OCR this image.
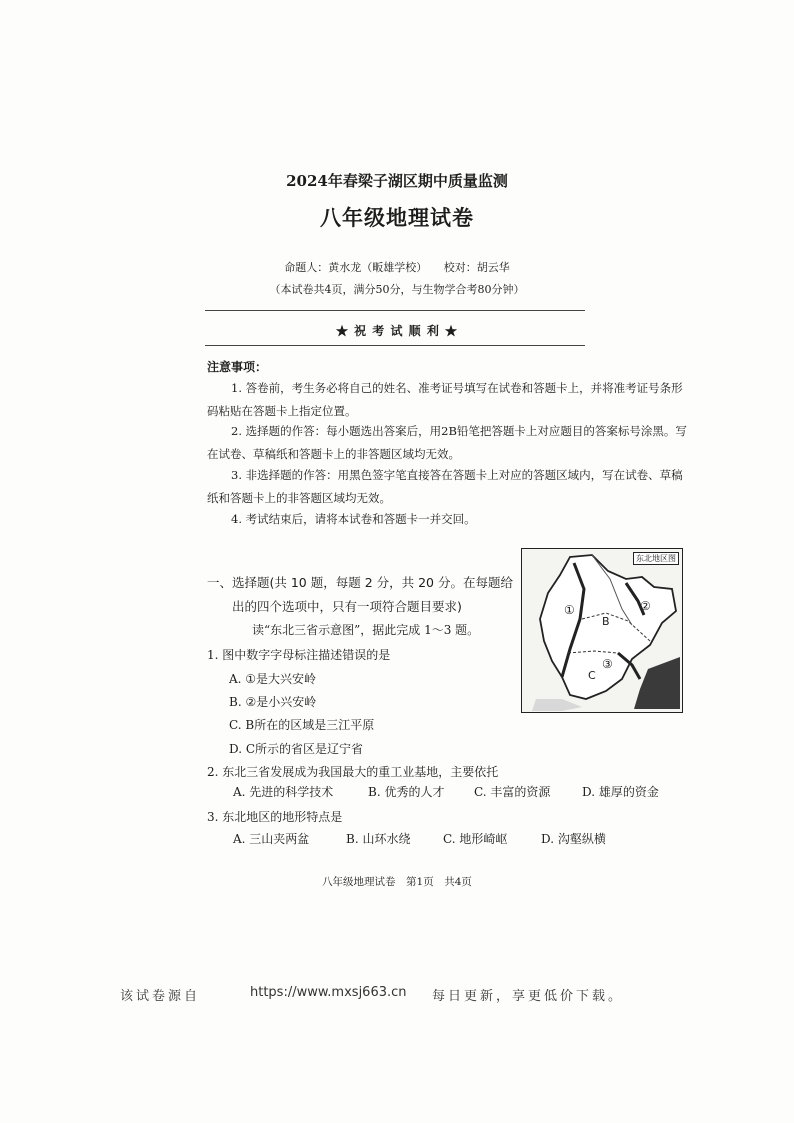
2024年春梁子湖区期中质量监测
八年级地理试卷
命题人：黄水龙（畈雄学校）　　校对：胡云华
（本试卷共4页，满分50分，与生物学合考80分钟）
★ 祝 考 试 顺 利 ★
注意事项：
1. 答卷前，考生务必将自己的姓名、准考证号填写在试卷和答题卡上，并将准考证号条形码粘贴在答题卡上指定位置。
2. 选择题的作答：每小题选出答案后，用2B铅笔把答题卡上对应题目的答案标号涂黑。写在试卷、草稿纸和答题卡上的非答题区域均无效。
3. 非选择题的作答：用黑色签字笔直接答在答题卡上对应的答题区域内，写在试卷、草稿纸和答题卡上的非答题区域均无效。
4. 考试结束后，请将本试卷和答题卡一并交回。
一、选择题(共 10 题，每题 2 分，共 20 分。在每题给
出的四个选项中，只有一项符合题目要求)
读“东北三省示意图”，据此完成 1～3 题。
东北地区图
①	②
③
B
C
1. 图中数字字母标注描述错误的是
A. ①是大兴安岭
B. ②是小兴安岭
C. B所在的区域是三江平原
D. C所示的省区是辽宁省
2. 东北三省发展成为我国最大的重工业基地，主要依托
A. 先进的科学技术	B. 优秀的人才 C. 丰富的资源	D. 雄厚的资金
3. 东北地区的地形特点是
A. 三山夹两盆	B. 山环水绕	C. 地形崎岖	D. 沟壑纵横
八年级地理试卷　第1页　共4页
该试卷源自	https://www.mxsj663.cn 每日更新，享更低价下载。
